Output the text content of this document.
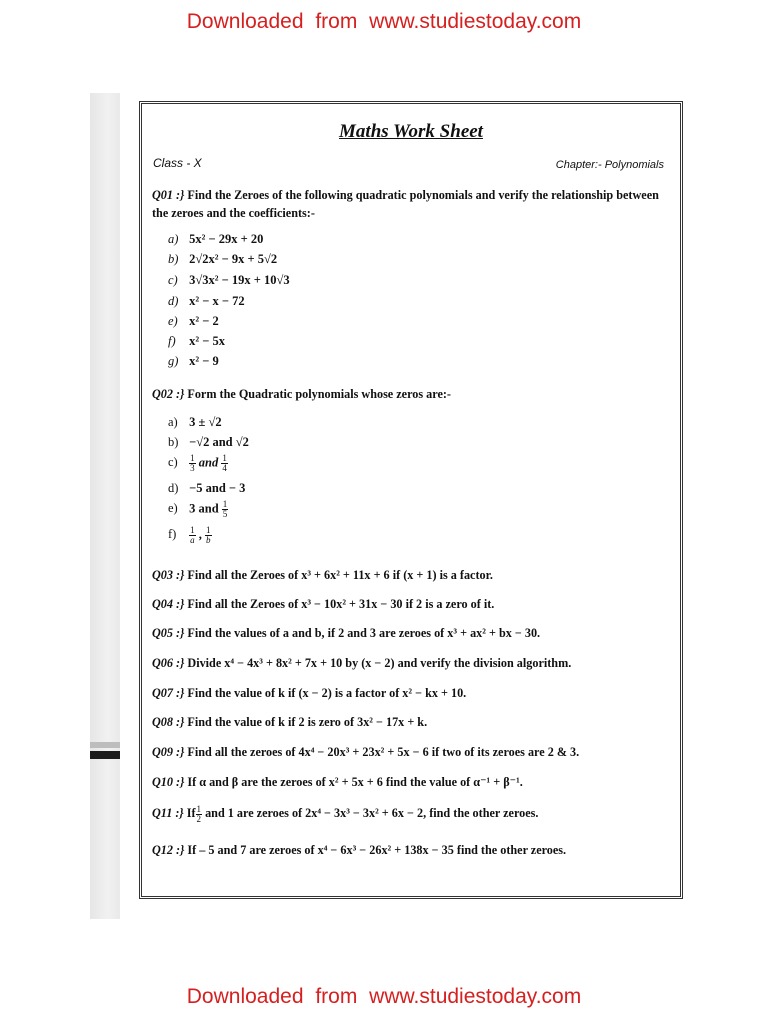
Downloaded from www.studiestoday.com
Maths Work Sheet
Class - X	Chapter:- Polynomials
Q01 :} Find the Zeroes of the following quadratic polynomials and verify the relationship between the zeroes and the coefficients:-
a) 5x² − 29x + 20
b) 2√2x² − 9x + 5√2
c) 3√3x² − 19x + 10√3
d) x² − x − 72
e) x² − 2
f) x² − 5x
g) x² − 9
Q02 :} Form the Quadratic polynomials whose zeros are:-
a) 3 ± √2
b) −√2 and √2
$c) \frac{1}{3}$ and $\frac{1}{4}$
d) −5 and − 3
e) 3 and $\frac{1}{5}$
$f) \frac{1}{a}$ , $\frac{1}{b}$
Q03 :} Find all the Zeroes of x³ + 6x² + 11x + 6 if (x + 1) is a factor.
Q04 :} Find all the Zeroes of x³ − 10x² + 31x − 30 if 2 is a zero of it.
Q05 :} Find the values of a and b, if 2 and 3 are zeroes of x³ + ax² + bx − 30.
Q06 :} Divide x⁴ − 4x³ + 8x² + 7x + 10 by (x − 2) and verify the division algorithm.
Q07 :} Find the value of k if (x − 2) is a factor of x² − kx + 10.
Q08 :} Find the value of k if 2 is zero of 3x² − 17x + k.
Q09 :} Find all the zeroes of 4x⁴ − 20x³ + 23x² + 5x − 6 if two of its zeroes are 2 & 3.
Q10 :} If α and β are the zeroes of x² + 5x + 6 find the value of α⁻¹ + β⁻¹.
Q11 :} If $\frac{1}{2}$ and 1 are zeroes of 2x⁴ − 3x³ − 3x² + 6x − 2, find the other zeroes.
Q12 :} If – 5 and 7 are zeroes of x⁴ − 6x³ − 26x² + 138x − 35 find the other zeroes.
Downloaded from www.studiestoday.com
